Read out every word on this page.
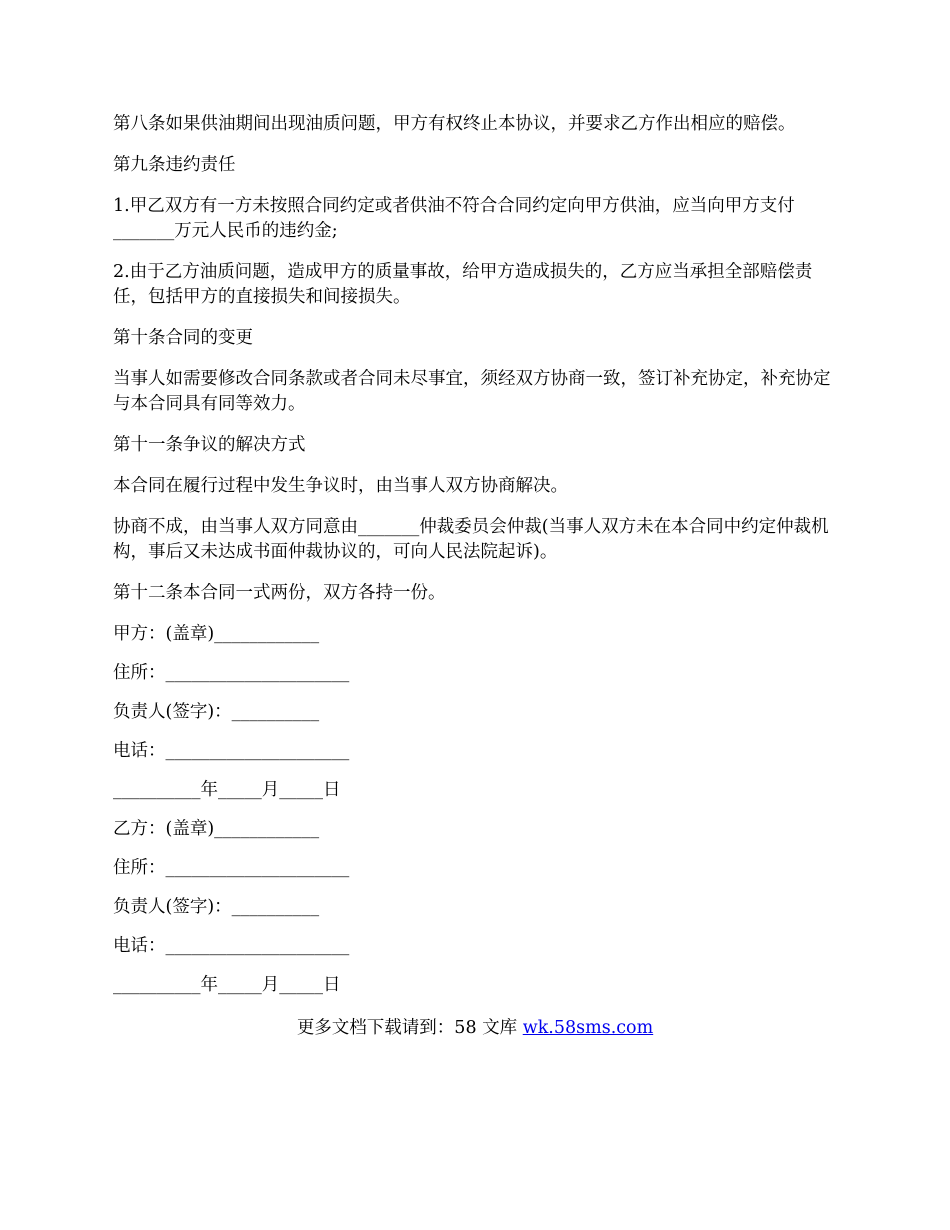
第八条如果供油期间出现油质问题，甲方有权终止本协议，并要求乙方作出相应的赔偿。

第九条违约责任

1.甲乙双方有一方未按照合同约定或者供油不符合合同约定向甲方供油，应当向甲方支付_______万元人民币的违约金;

2.由于乙方油质问题，造成甲方的质量事故，给甲方造成损失的，乙方应当承担全部赔偿责任，包括甲方的直接损失和间接损失。

第十条合同的变更

当事人如需要修改合同条款或者合同未尽事宜，须经双方协商一致，签订补充协定，补充协定与本合同具有同等效力。

第十一条争议的解决方式

本合同在履行过程中发生争议时，由当事人双方协商解决。

协商不成，由当事人双方同意由_______仲裁委员会仲裁(当事人双方未在本合同中约定仲裁机构，事后又未达成书面仲裁协议的，可向人民法院起诉)。

第十二条本合同一式两份，双方各持一份。

甲方：(盖章)____________

住所：_____________________

负责人(签字)：__________

电话：_____________________

__________年_____月_____日

乙方：(盖章)____________

住所：_____________________

负责人(签字)：__________

电话：_____________________

__________年_____月_____日

更多文档下载请到：58 文库 wk.58sms.com
